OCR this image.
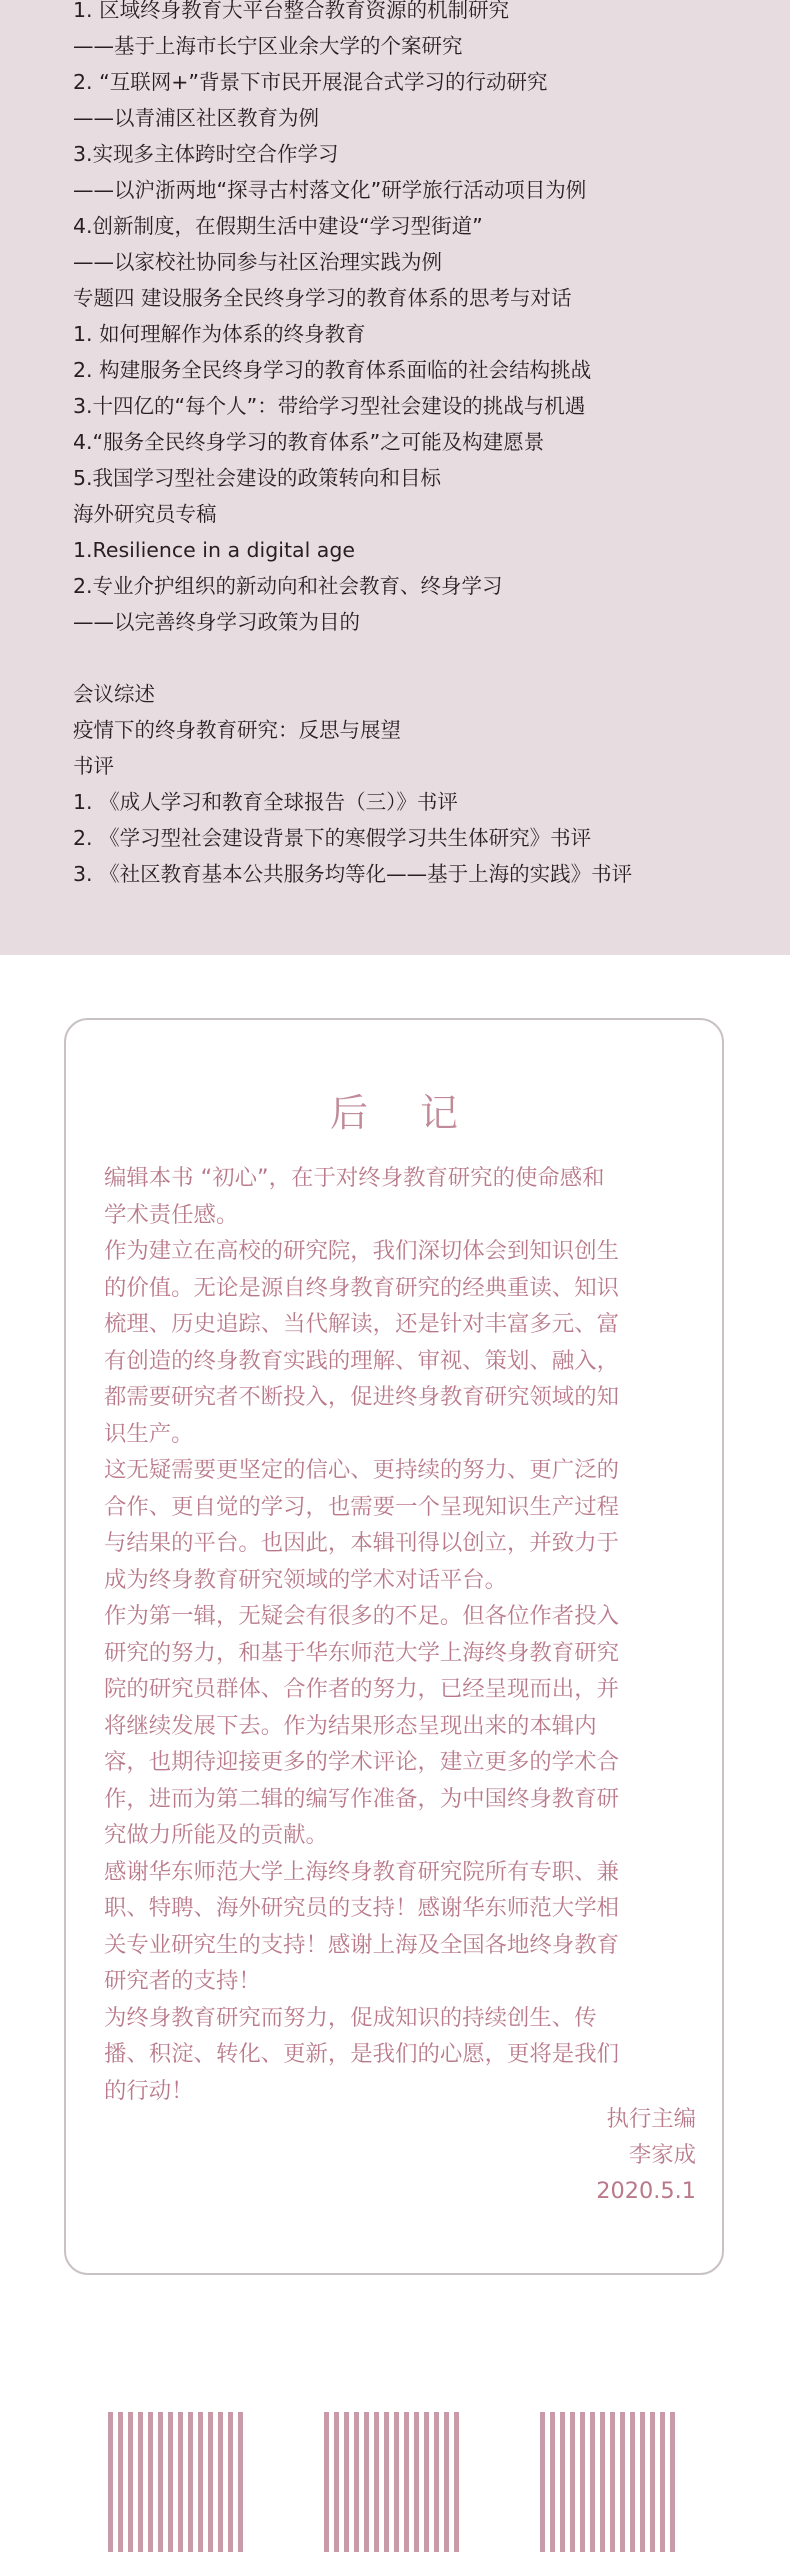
1. 区域终身教育大平台整合教育资源的机制研究
——基于上海市长宁区业余大学的个案研究
2. “互联网+”背景下市民开展混合式学习的行动研究
——以青浦区社区教育为例
3.实现多主体跨时空合作学习
——以沪浙两地“探寻古村落文化”研学旅行活动项目为例
4.创新制度，在假期生活中建设“学习型街道”
——以家校社协同参与社区治理实践为例
专题四 建设服务全民终身学习的教育体系的思考与对话
1. 如何理解作为体系的终身教育
2. 构建服务全民终身学习的教育体系面临的社会结构挑战
3.十四亿的“每个人”：带给学习型社会建设的挑战与机遇
4.“服务全民终身学习的教育体系”之可能及构建愿景
5.我国学习型社会建设的政策转向和目标
海外研究员专稿
1.Resilience in a digital age
2.专业介护组织的新动向和社会教育、终身学习
——以完善终身学习政策为目的
会议综述
疫情下的终身教育研究：反思与展望
书评
1. 《成人学习和教育全球报告（三）》书评
2. 《学习型社会建设背景下的寒假学习共生体研究》书评
3. 《社区教育基本公共服务均等化——基于上海的实践》书评
后记
编辑本书 “初心”，在于对终身教育研究的使命感和
学术责任感。
作为建立在高校的研究院，我们深切体会到知识创生
的价值。无论是源自终身教育研究的经典重读、知识
梳理、历史追踪、当代解读，还是针对丰富多元、富
有创造的终身教育实践的理解、审视、策划、融入，
都需要研究者不断投入，促进终身教育研究领域的知
识生产。
这无疑需要更坚定的信心、更持续的努力、更广泛的
合作、更自觉的学习，也需要一个呈现知识生产过程
与结果的平台。也因此，本辑刊得以创立，并致力于
成为终身教育研究领域的学术对话平台。
作为第一辑，无疑会有很多的不足。但各位作者投入
研究的努力，和基于华东师范大学上海终身教育研究
院的研究员群体、合作者的努力，已经呈现而出，并
将继续发展下去。作为结果形态呈现出来的本辑内
容，也期待迎接更多的学术评论，建立更多的学术合
作，进而为第二辑的编写作准备，为中国终身教育研
究做力所能及的贡献。
感谢华东师范大学上海终身教育研究院所有专职、兼
职、特聘、海外研究员的支持！感谢华东师范大学相
关专业研究生的支持！感谢上海及全国各地终身教育
研究者的支持！
为终身教育研究而努力，促成知识的持续创生、传
播、积淀、转化、更新，是我们的心愿，更将是我们
的行动！
执行主编
李家成
2020.5.1
